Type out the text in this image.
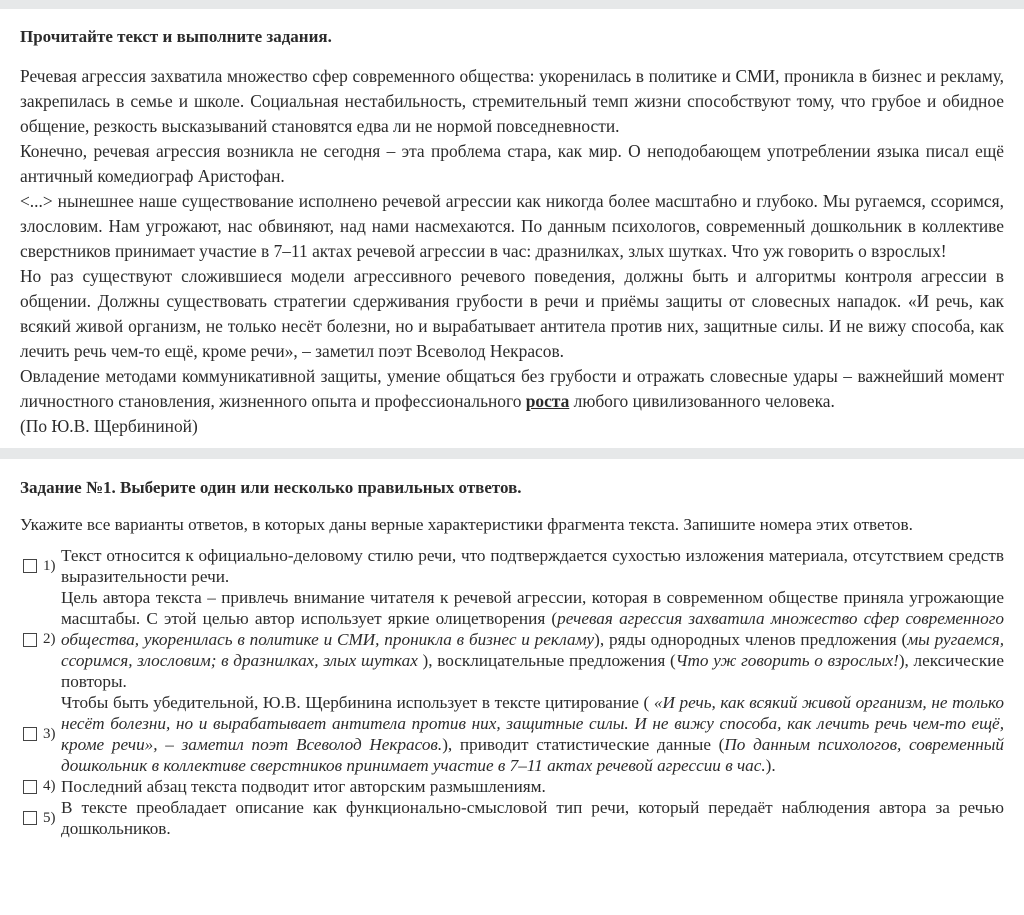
Прочитайте текст и выполните задания.

Речевая агрессия захватила множество сфер современного общества: укоренилась в политике и СМИ, проникла в бизнес и рекламу, закрепилась в семье и школе. Социальная нестабильность, стремительный темп жизни способствуют тому, что грубое и обидное общение, резкость высказываний становятся едва ли не нормой повседневности.

Конечно, речевая агрессия возникла не сегодня – эта проблема стара, как мир. О неподобающем употреблении языка писал ещё античный комедиограф Аристофан.

<...> нынешнее наше существование исполнено речевой агрессии как никогда более масштабно и глубоко. Мы ругаемся, ссоримся, злословим. Нам угрожают, нас обвиняют, над нами насмехаются. По данным психологов, современный дошкольник в коллективе сверстников принимает участие в 7–11 актах речевой агрессии в час: дразнилках, злых шутках. Что уж говорить о взрослых!

Но раз существуют сложившиеся модели агрессивного речевого поведения, должны быть и алгоритмы контроля агрессии в общении. Должны существовать стратегии сдерживания грубости в речи и приёмы защиты от словесных нападок. «И речь, как всякий живой организм, не только несёт болезни, но и вырабатывает антитела против них, защитные силы. И не вижу способа, как лечить речь чем-то ещё, кроме речи», – заметил поэт Всеволод Некрасов.

Овладение методами коммуникативной защиты, умение общаться без грубости и отражать словесные удары – важнейший момент личностного становления, жизненного опыта и профессионального роста любого цивилизованного человека.

(По Ю.В. Щербининой)

Задание №1. Выберите один или несколько правильных ответов.
Укажите все варианты ответов, в которых даны верные характеристики фрагмента текста. Запишите номера этих ответов.
1)
Текст относится к официально-деловому стилю речи, что подтверждается сухостью изложения материала, отсутствием средств выразительности речи.
2)
Цель автора текста – привлечь внимание читателя к речевой агрессии, которая в современном обществе приняла угрожающие масштабы. С этой целью автор использует яркие олицетворения (речевая агрессия захватила множество сфер современного общества, укоренилась в политике и СМИ, проникла в бизнес и рекламу), ряды однородных членов предложения (мы ругаемся, ссоримся, злословим; в дразнилках, злых шутках ), восклицательные предложения (Что уж говорить о взрослых!), лексические повторы.
3)
Чтобы быть убедительной, Ю.В. Щербинина использует в тексте цитирование ( «И речь, как всякий живой организм, не только несёт болезни, но и вырабатывает антитела против них, защитные силы. И не вижу способа, как лечить речь чем-то ещё, кроме речи», – заметил поэт Всеволод Некрасов.), приводит статистические данные (По данным психологов, современный дошкольник в коллективе сверстников принимает участие в 7–11 актах речевой агрессии в час.).
4) Последний абзац текста подводит итог авторским размышлениям.
5)
В тексте преобладает описание как функционально-смысловой тип речи, который передаёт наблюдения автора за речью дошкольников.
